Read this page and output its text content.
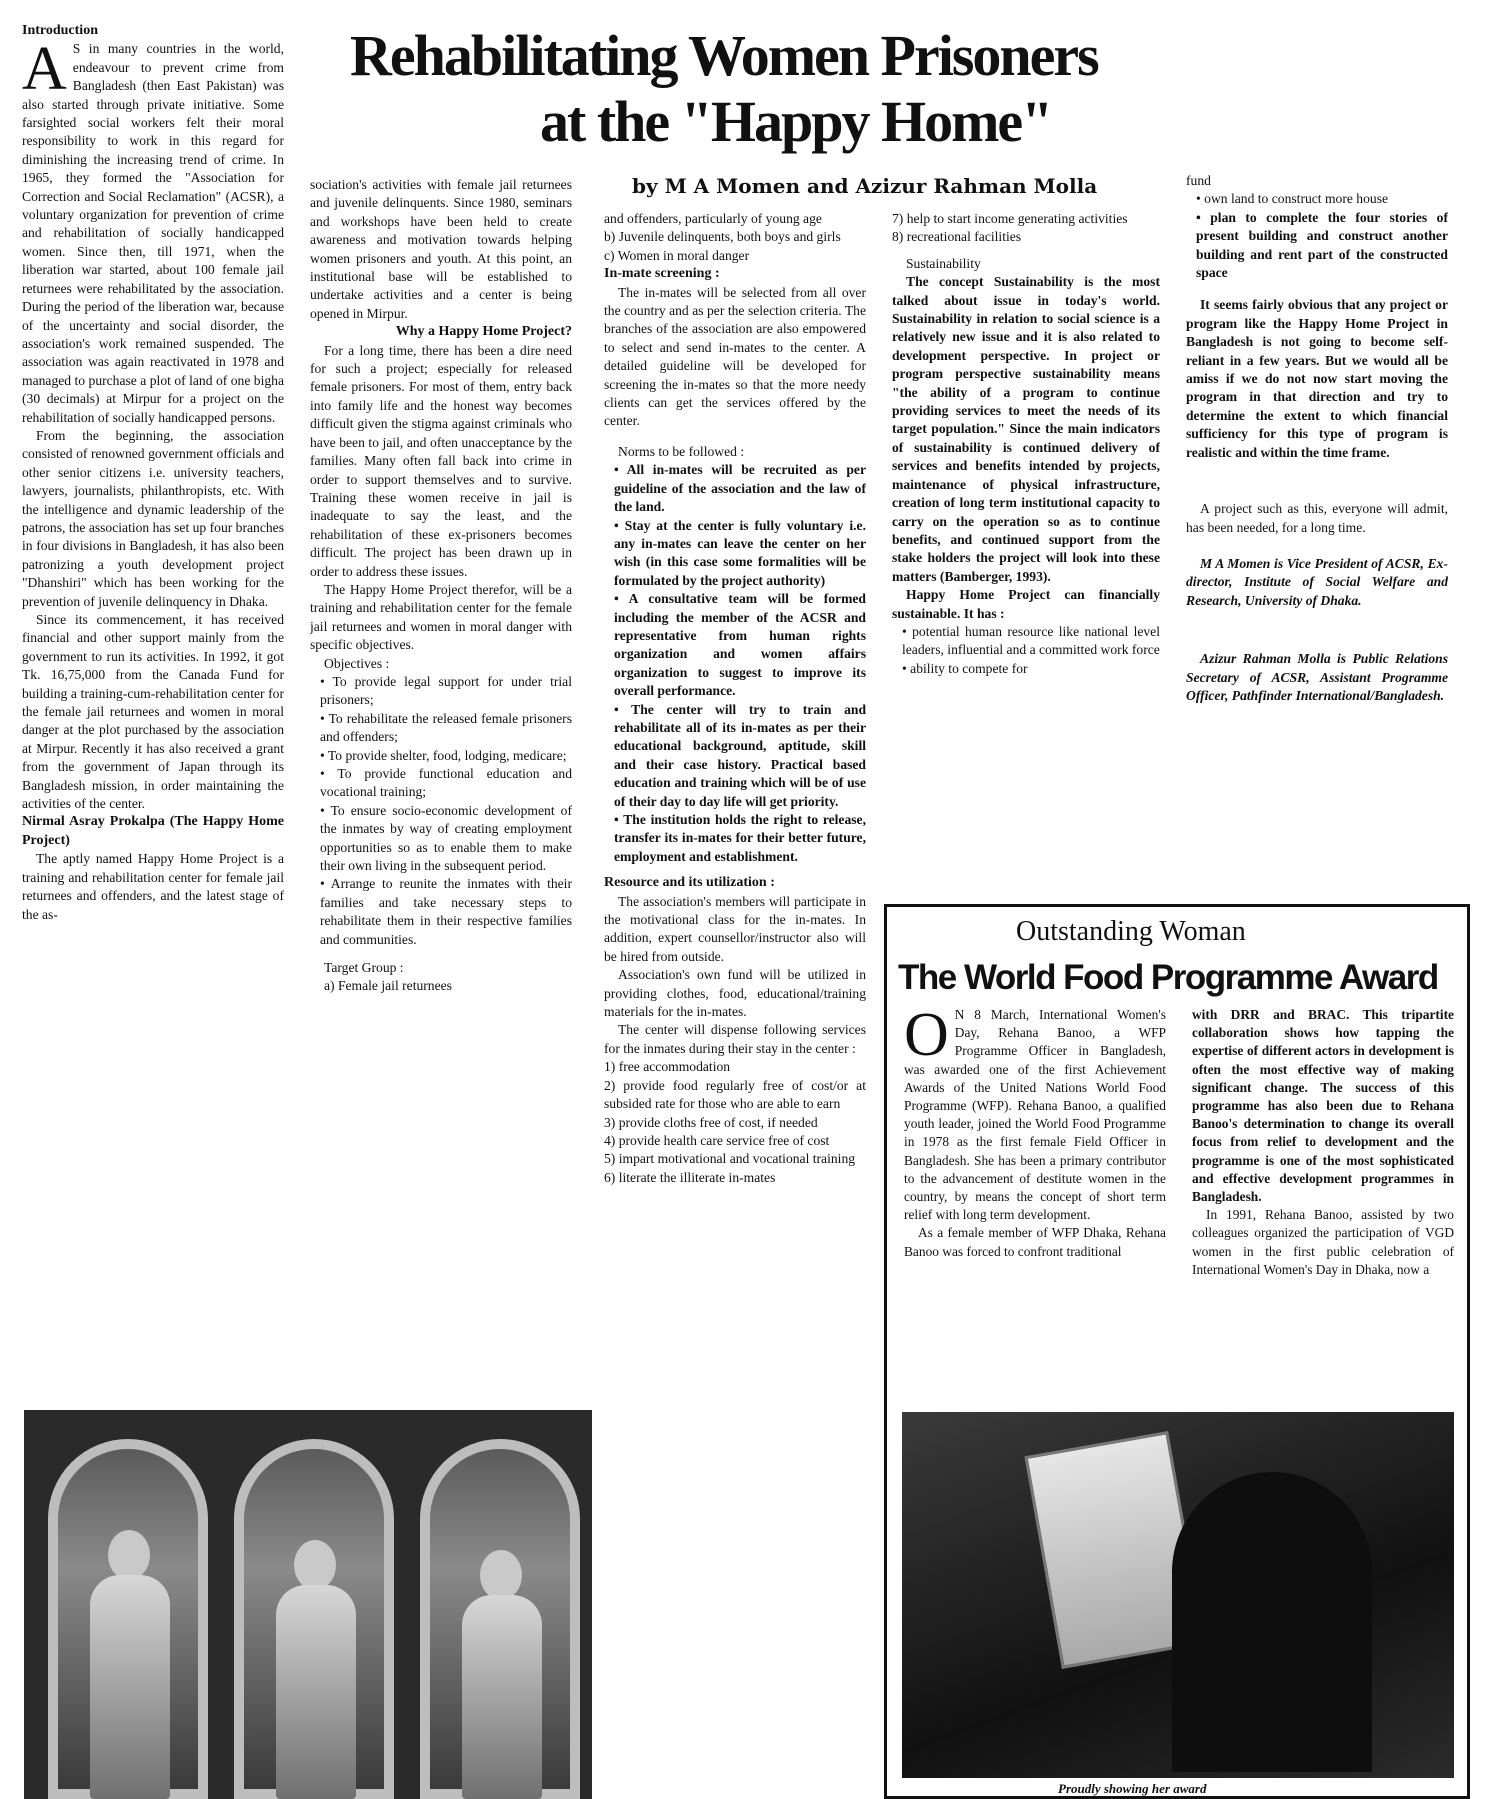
Rehabilitating Women Prisoners
at the "Happy Home"
by M A Momen and Azizur Rahman Molla

Introduction

A S in many countries in the world, endeavour to prevent crime from Bangladesh (then East Pakistan) was also started through private initiative. Some farsighted social workers felt their moral responsibility to work in this regard for diminishing the increasing trend of crime. In 1965, they formed the "Association for Correction and Social Reclamation" (ACSR), a voluntary organization for prevention of crime and rehabilitation of socially handicapped women. Since then, till 1971, when the liberation war started, about 100 female jail returnees were rehabilitated by the association. During the period of the liberation war, because of the uncertainty and social disorder, the association's work remained suspended. The association was again reactivated in 1978 and managed to purchase a plot of land of one bigha (30 decimals) at Mirpur for a project on the rehabilitation of socially handicapped persons.

From the beginning, the association consisted of renowned government officials and other senior citizens i.e. university teachers, lawyers, journalists, philanthropists, etc. With the intelligence and dynamic leadership of the patrons, the association has set up four branches in four divisions in Bangladesh, it has also been patronizing a youth development project "Dhanshiri" which has been working for the prevention of juvenile delinquency in Dhaka.

Since its commencement, it has received financial and other support mainly from the government to run its activities. In 1992, it got Tk. 16,75,000 from the Canada Fund for building a training-cum-rehabilitation center for the female jail returnees and women in moral danger at the plot purchased by the association at Mirpur. Recently it has also received a grant from the government of Japan through its Bangladesh mission, in order maintaining the activities of the center.

Nirmal Asray Prokalpa (The Happy Home Project)

The aptly named Happy Home Project is a training and rehabilitation center for female jail returnees and offenders, and the latest stage of the as-

sociation's activities with female jail returnees and juvenile delinquents. Since 1980, seminars and workshops have been held to create awareness and motivation towards helping women prisoners and youth. At this point, an institutional base will be established to undertake activities and a center is being opened in Mirpur.

Why a Happy Home Project?

For a long time, there has been a dire need for such a project; especially for released female prisoners. For most of them, entry back into family life and the honest way becomes difficult given the stigma against criminals who have been to jail, and often unacceptance by the families. Many often fall back into crime in order to support themselves and to survive. Training these women receive in jail is inadequate to say the least, and the rehabilitation of these ex-prisoners becomes difficult. The project has been drawn up in order to address these issues.

The Happy Home Project therefor, will be a training and rehabilitation center for the female jail returnees and women in moral danger with specific objectives.

Objectives :

• To provide legal support for under trial prisoners;
• To rehabilitate the released female prisoners and offenders;
• To provide shelter, food, lodging, medicare;
• To provide functional education and vocational training;
• To ensure socio-economic development of the inmates by way of creating employment opportunities so as to enable them to make their own living in the subsequent period.
• Arrange to reunite the inmates with their families and take necessary steps to rehabilitate them in their respective families and communities.

Target Group :

a) Female jail returnees

and offenders, particularly of young age

b) Juvenile delinquents, both boys and girls

c) Women in moral danger

In-mate screening :

The in-mates will be selected from all over the country and as per the selection criteria. The branches of the association are also empowered to select and send in-mates to the center. A detailed guideline will be developed for screening the in-mates so that the more needy clients can get the services offered by the center.

Norms to be followed :

• All in-mates will be recruited as per guideline of the association and the law of the land.
• Stay at the center is fully voluntary i.e. any in-mates can leave the center on her wish (in this case some formalities will be formulated by the project authority)
• A consultative team will be formed including the member of the ACSR and representative from human rights organization and women affairs organization to suggest to improve its overall performance.
• The center will try to train and rehabilitate all of its in-mates as per their educational background, aptitude, skill and their case history. Practical based education and training which will be of use of their day to day life will get priority.
• The institution holds the right to release, transfer its in-mates for their better future, employment and establishment.

Resource and its utilization :

The association's members will participate in the motivational class for the in-mates. In addition, expert counsellor/instructor also will be hired from outside.

Association's own fund will be utilized in providing clothes, food, educational/training materials for the in-mates.

The center will dispense following services for the inmates during their stay in the center :

1) free accommodation

2) provide food regularly free of cost/or at subsided rate for those who are able to earn

3) provide cloths free of cost, if needed

4) provide health care service free of cost

5) impart motivational and vocational training

6) literate the illiterate in-mates

7) help to start income generating activities

8) recreational facilities

Sustainability

The concept Sustainability is the most talked about issue in today's world. Sustainability in relation to social science is a relatively new issue and it is also related to development perspective. In project or program perspective sustainability means "the ability of a program to continue providing services to meet the needs of its target population." Since the main indicators of sustainability is continued delivery of services and benefits intended by projects, maintenance of physical infrastructure, creation of long term institutional capacity to carry on the operation so as to continue benefits, and continued support from the stake holders the project will look into these matters (Bamberger, 1993).

Happy Home Project can financially sustainable. It has :

• potential human resource like national level leaders, influential and a committed work force
• ability to compete for

fund

• own land to construct more house
• plan to complete the four stories of present building and construct another building and rent part of the constructed space

It seems fairly obvious that any project or program like the Happy Home Project in Bangladesh is not going to become self-reliant in a few years. But we would all be amiss if we do not now start moving the program in that direction and try to determine the extent to which financial sufficiency for this type of program is realistic and within the time frame.

A project such as this, everyone will admit, has been needed, for a long time.

M A Momen is Vice President of ACSR, Ex-director, Institute of Social Welfare and Research, University of Dhaka.

Azizur Rahman Molla is Public Relations Secretary of ACSR, Assistant Programme Officer, Pathfinder International/Bangladesh.

Outstanding Woman
The World Food Programme Award

O N 8 March, International Women's Day, Rehana Banoo, a WFP Programme Officer in Bangladesh, was awarded one of the first Achievement Awards of the United Nations World Food Programme (WFP). Rehana Banoo, a qualified youth leader, joined the World Food Programme in 1978 as the first female Field Officer in Bangladesh. She has been a primary contributor to the advancement of destitute women in the country, by means the concept of short term relief with long term development.

As a female member of WFP Dhaka, Rehana Banoo was forced to confront traditional

with DRR and BRAC. This tripartite collaboration shows how tapping the expertise of different actors in development is often the most effective way of making significant change. The success of this programme has also been due to Rehana Banoo's determination to change its overall focus from relief to development and the programme is one of the most sophisticated and effective development programmes in Bangladesh.

In 1991, Rehana Banoo, assisted by two colleagues organized the participation of VGD women in the first public celebration of International Women's Day in Dhaka, now a

Proudly showing her award
